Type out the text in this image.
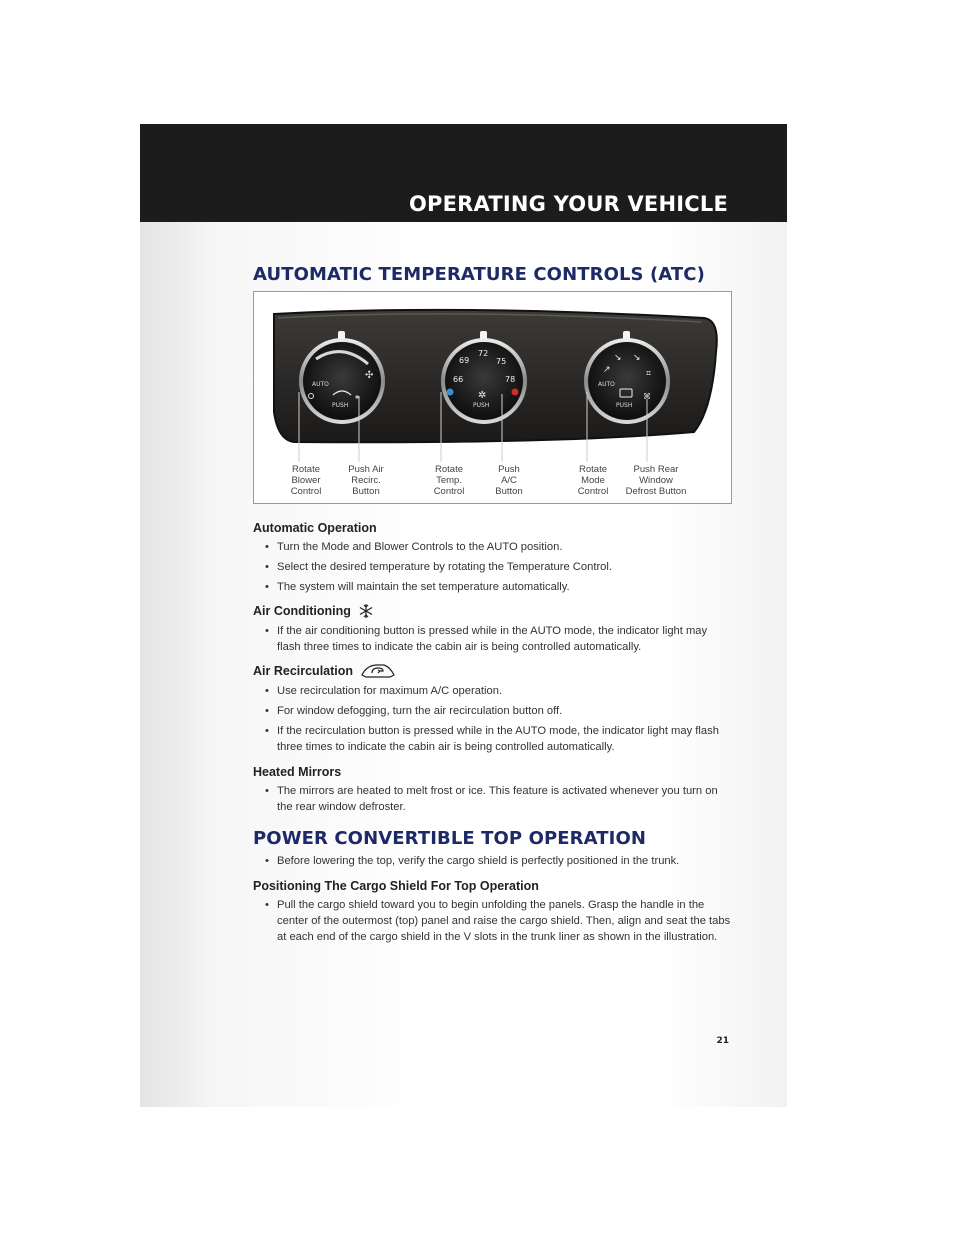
OPERATING YOUR VEHICLE
AUTOMATIC TEMPERATURE CONTROLS (ATC)
AUTO
✣
PUSH
66
69
72
75
78
✲
PUSH
↗
↘ ↘
⌗
AUTO
PUSH
⌘
Rotate
Blower
Control
Push Air
Recirc.
Button
Rotate
Temp.
Control
Push
A/C
Button
Rotate
Mode
Control
Push Rear
Window
Defrost Button
Automatic Operation
• Turn the Mode and Blower Controls to the AUTO position.
• Select the desired temperature by rotating the Temperature Control.
• The system will maintain the set temperature automatically.
Air Conditioning
• If the air conditioning button is pressed while in the AUTO mode, the indicator light may flash three times to indicate the cabin air is being controlled automatically.
Air Recirculation
• Use recirculation for maximum A/C operation.
• For window defogging, turn the air recirculation button off.
• If the recirculation button is pressed while in the AUTO mode, the indicator light may flash three times to indicate the cabin air is being controlled automatically.
Heated Mirrors
• The mirrors are heated to melt frost or ice. This feature is activated whenever you turn on the rear window defroster.
POWER CONVERTIBLE TOP OPERATION
• Before lowering the top, verify the cargo shield is perfectly positioned in the trunk.
Positioning The Cargo Shield For Top Operation
• Pull the cargo shield toward you to begin unfolding the panels. Grasp the handle in the center of the outermost (top) panel and raise the cargo shield. Then, align and seat the tabs at each end of the cargo shield in the V slots in the trunk liner as shown in the illustration.
21
